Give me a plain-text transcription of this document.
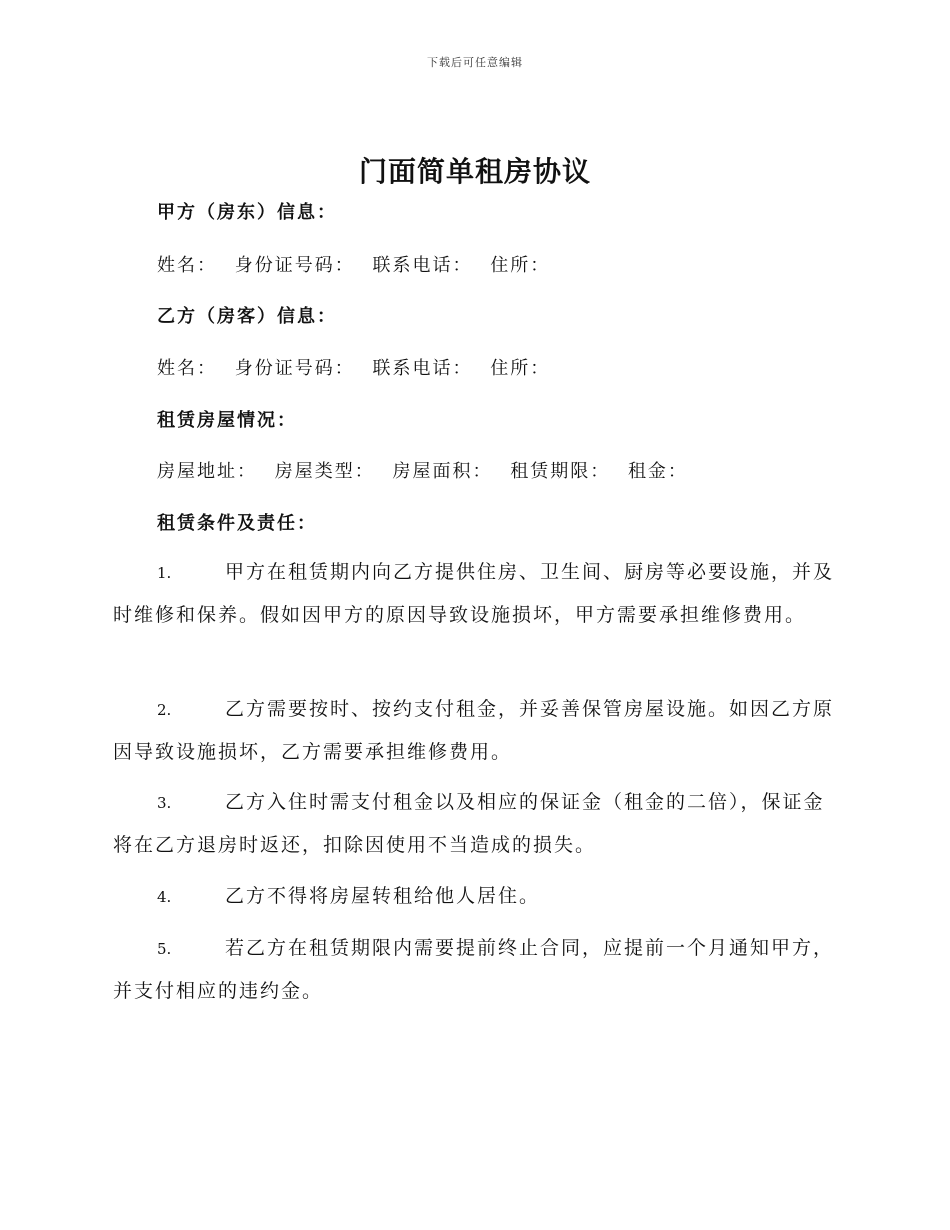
下载后可任意编辑
门面简单租房协议
甲方（房东）信息：
姓名： 身份证号码： 联系电话： 住所：
乙方（房客）信息：
姓名： 身份证号码： 联系电话： 住所：
租赁房屋情况：
房屋地址： 房屋类型： 房屋面积： 租赁期限： 租金：
租赁条件及责任：

1.	甲方在租赁期内向乙方提供住房、卫生间、厨房等必要设施，并及时维修和保养。假如因甲方的原因导致设施损坏，甲方需要承担维修费用。

2.	乙方需要按时、按约支付租金，并妥善保管房屋设施。如因乙方原因导致设施损坏，乙方需要承担维修费用。

3.	乙方入住时需支付租金以及相应的保证金（租金的二倍），保证金将在乙方退房时返还，扣除因使用不当造成的损失。

4.	乙方不得将房屋转租给他人居住。

5.	若乙方在租赁期限内需要提前终止合同，应提前一个月通知甲方，并支付相应的违约金。
